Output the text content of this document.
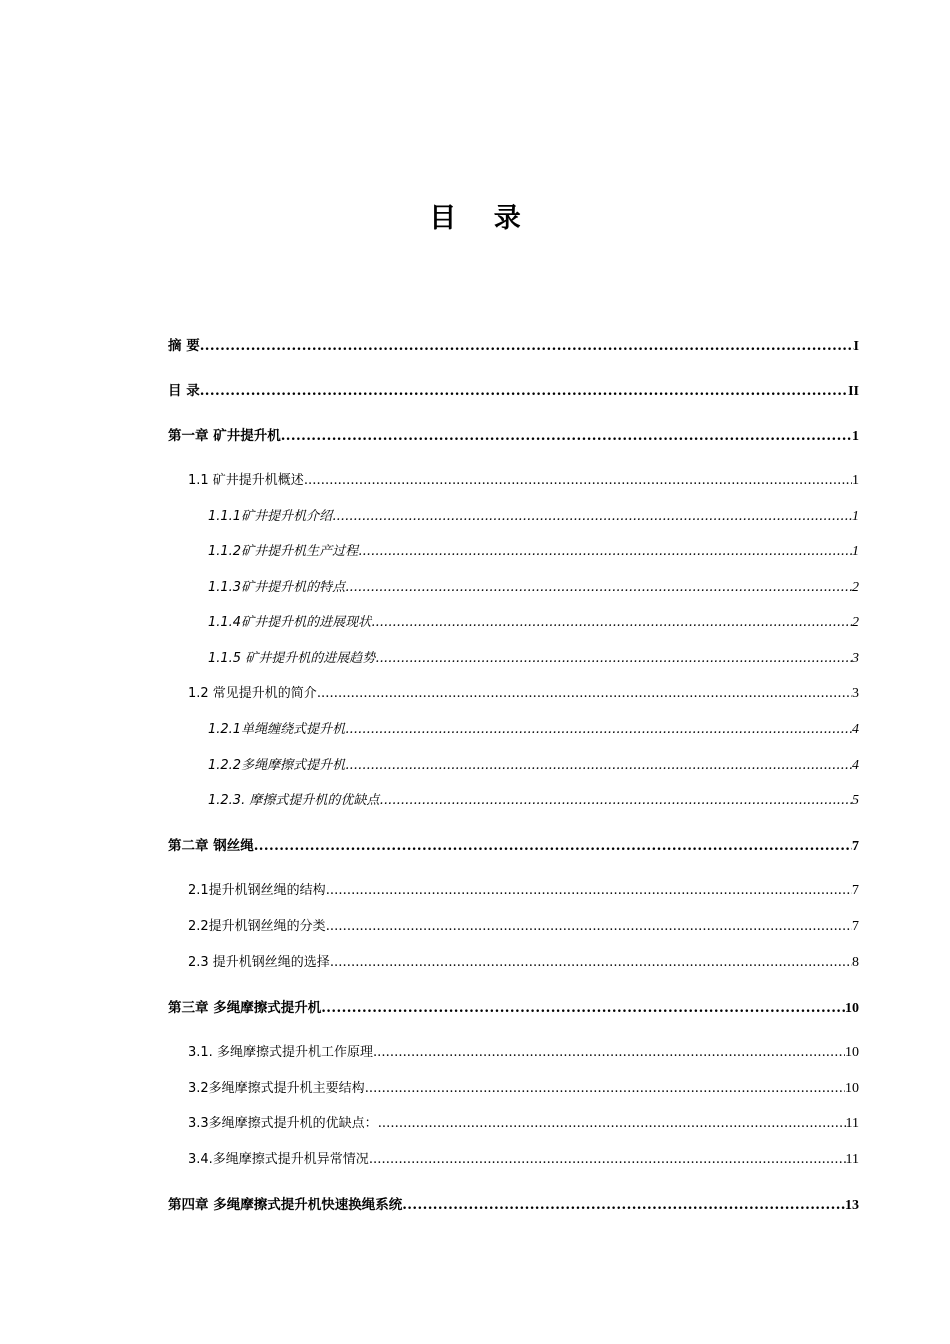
目 录
摘 要 .....	I
目 录 .....	II
第一章 矿井提升机 .....	1
1.1 矿井提升机概述 .....	1
1.1.1矿井提升机介绍 .....	1
1.1.2矿井提升机生产过程 .....	1
1.1.3矿井提升机的特点 .....	2
1.1.4矿井提升机的进展现状 .....	2
1.1.5 矿井提升机的进展趋势 .....	3
1.2 常见提升机的简介 .....	3
1.2.1单绳缠绕式提升机 .....	4
1.2.2多绳摩擦式提升机 .....	4
1.2.3. 摩擦式提升机的优缺点 .....	5
第二章 钢丝绳 .....	7
2.1提升机钢丝绳的结构 .....	7
2.2提升机钢丝绳的分类 .....	7
2.3 提升机钢丝绳的选择 .....	8
第三章 多绳摩擦式提升机 .....	10
3.1. 多绳摩擦式提升机工作原理 .....	10
3.2多绳摩擦式提升机主要结构 .....	10
3.3多绳摩擦式提升机的优缺点： .....	11
3.4.多绳摩擦式提升机异常情况 .....	11
第四章 多绳摩擦式提升机快速换绳系统 .....	13
